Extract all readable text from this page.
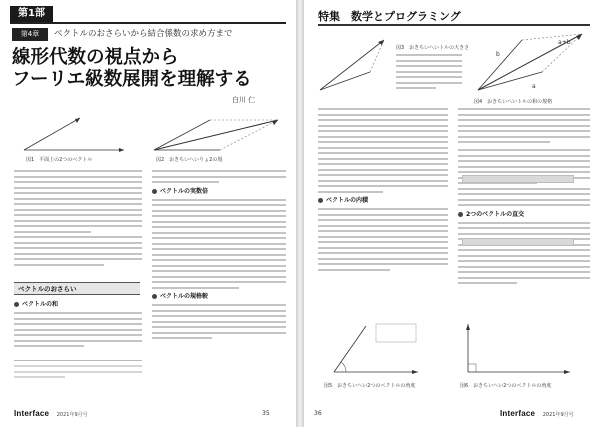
第1部
第4章	ベクトルのおさらいから結合係数の求め方まで
線形代数の視点から
フーリエ級数展開を理解する
白川 仁
図1　平面上の2つのベクトル	図2　おきちいへいりょ2の規
ベクトルのおさらい
ベクトルの和
ベクトルの実数倍
ベクトルの規格較
Interface 2021年9月号	35
特集　数学とプログラミング
図3　おきちいへいトルの大きさ
a
b
a+b
図4　おきちいへいトルの和の規格
ベクトルの内積
2つのベクトルの直交
図5　おきちいへい2つのベクトルの角度	図6　おきちいへい2つのベクトルの角度
36	Interface 2021年9月号
